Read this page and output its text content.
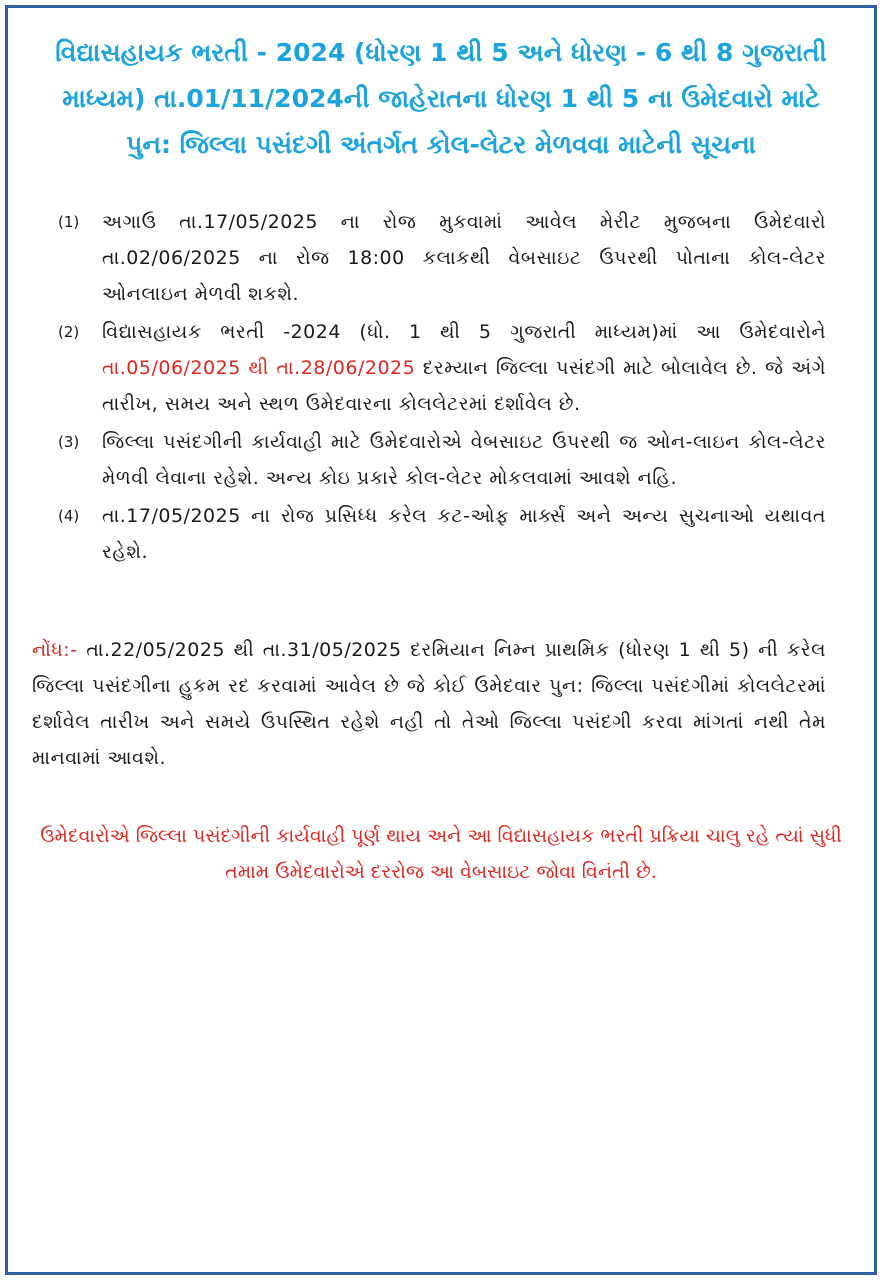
વિદ્યાસહાયક ભરતી - 2024 (ધોરણ 1 થી 5 અને ધોરણ - 6 થી 8 ગુજરાતી
માધ્યમ) તા.01/11/2024ની જાહેરાતના ધોરણ 1 થી 5 ના ઉમેદવારો માટે
પુન: જિલ્લા પસંદગી અંતર્ગત કોલ-લેટર મેળવવા માટેની સૂચના
(1)	અગાઉ તા.17/05/2025 ના રોજ મુકવામાં આવેલ મેરીટ મુજબના ઉમેદવારો તા.02/06/2025 ના રોજ 18:00 કલાકથી વેબસાઇટ ઉપરથી પોતાના કોલ-લેટર ઓનલાઇન મેળવી શકશે.
(2)	વિદ્યાસહાયક ભરતી -2024 (ધો. 1 થી 5 ગુજરાતી માધ્યમ)માં આ ઉમેદવારોને તા.05/06/2025 થી તા.28/06/2025 દરમ્યાન જિલ્લા પસંદગી માટે બોલાવેલ છે. જે અંગે તારીખ, સમય અને સ્થળ ઉમેદવારના કોલલેટરમાં દર્શાવેલ છે.
(3)	જિલ્લા પસંદગીની કાર્યવાહી માટે ઉમેદવારોએ વેબસાઇટ ઉપરથી જ ઓન-લાઇન કોલ-લેટર મેળવી લેવાના રહેશે. અન્ય કોઇ પ્રકારે કોલ-લેટર મોકલવામાં આવશે નહિ.
(4)	તા.17/05/2025 ના રોજ પ્રસિધ્ધ કરેલ કટ-ઓફ માર્ક્સ અને અન્ય સુચનાઓ યથાવત રહેશે.
નોંધ:- તા.22/05/2025 થી તા.31/05/2025 દરમિયાન નિમ્ન પ્રાથમિક (ધોરણ 1 થી 5) ની કરેલ જિલ્લા પસંદગીના હુકમ રદ કરવામાં આવેલ છે જે કોઈ ઉમેદવાર પુન: જિલ્લા પસંદગીમાં કોલલેટરમાં દર્શાવેલ તારીખ અને સમયે ઉપસ્થિત રહેશે નહી તો તેઓ જિલ્લા પસંદગી કરવા માંગતાં નથી તેમ માનવામાં આવશે.
ઉમેદવારોએ જિલ્લા પસંદગીની કાર્યવાહી પૂર્ણ થાય અને આ વિદ્યાસહાયક ભરતી પ્રક્રિયા ચાલુ રહે ત્યાં સુધી તમામ ઉમેદવારોએ દરરોજ આ વેબસાઇટ જોવા વિનંતી છે.
